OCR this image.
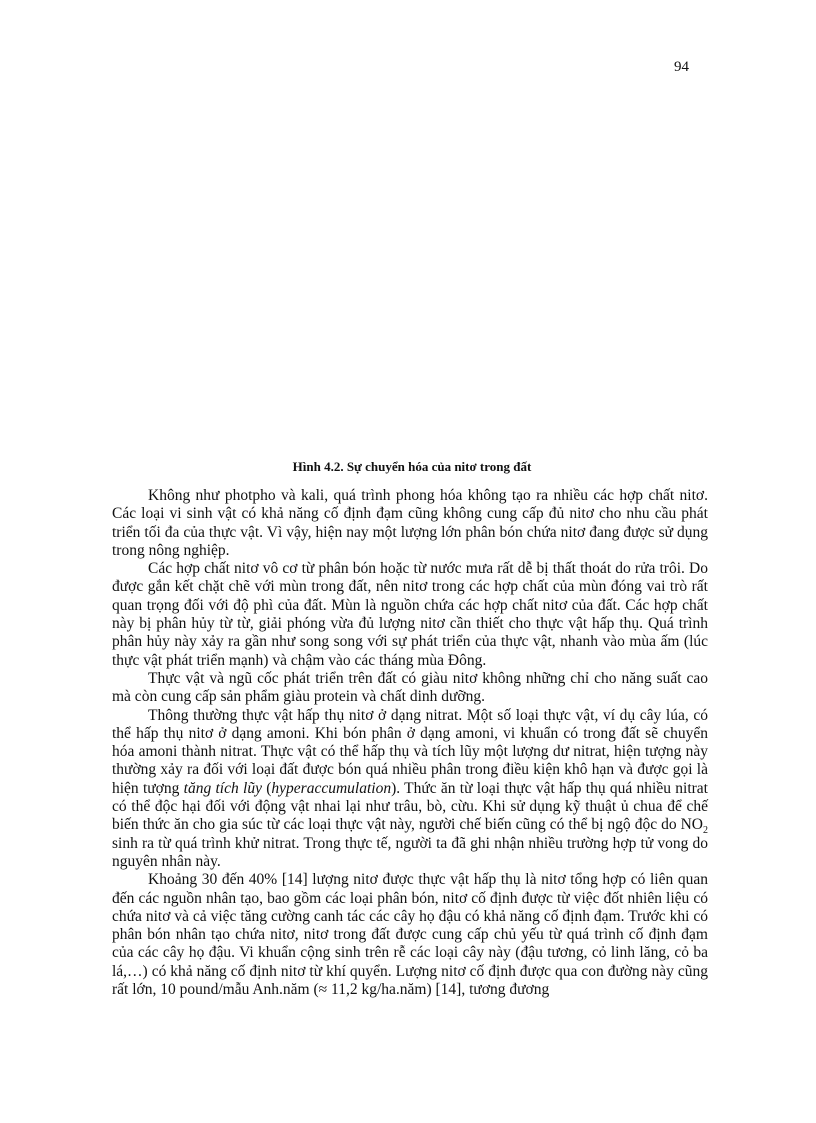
94
Hình 4.2. Sự chuyển hóa của nitơ trong đất

Không như photpho và kali, quá trình phong hóa không tạo ra nhiều các hợp chất nitơ. Các loại vi sinh vật có khả năng cố định đạm cũng không cung cấp đủ nitơ cho nhu cầu phát triển tối đa của thực vật. Vì vậy, hiện nay một lượng lớn phân bón chứa nitơ đang được sử dụng trong nông nghiệp.

Các hợp chất nitơ vô cơ từ phân bón hoặc từ nước mưa rất dễ bị thất thoát do rửa trôi. Do được gắn kết chặt chẽ với mùn trong đất, nên nitơ trong các hợp chất của mùn đóng vai trò rất quan trọng đối với độ phì của đất. Mùn là nguồn chứa các hợp chất nitơ của đất. Các hợp chất này bị phân hủy từ từ, giải phóng vừa đủ lượng nitơ cần thiết cho thực vật hấp thụ. Quá trình phân hủy này xảy ra gần như song song với sự phát triển của thực vật, nhanh vào mùa ấm (lúc thực vật phát triển mạnh) và chậm vào các tháng mùa Đông.

Thực vật và ngũ cốc phát triển trên đất có giàu nitơ không những chỉ cho năng suất cao mà còn cung cấp sản phẩm giàu protein và chất dinh dưỡng.

Thông thường thực vật hấp thụ nitơ ở dạng nitrat. Một số loại thực vật, ví dụ cây lúa, có thể hấp thụ nitơ ở dạng amoni. Khi bón phân ở dạng amoni, vi khuẩn có trong đất sẽ chuyển hóa amoni thành nitrat. Thực vật có thể hấp thụ và tích lũy một lượng dư nitrat, hiện tượng này thường xảy ra đối với loại đất được bón quá nhiều phân trong điều kiện khô hạn và được gọi là hiện tượng tăng tích lũy (hyperaccumulation). Thức ăn từ loại thực vật hấp thụ quá nhiều nitrat có thể độc hại đối với động vật nhai lại như trâu, bò, cừu. Khi sử dụng kỹ thuật ủ chua để chế biến thức ăn cho gia súc từ các loại thực vật này, người chế biến cũng có thể bị ngộ độc do $NO_2$ sinh ra từ quá trình khử nitrat. Trong thực tế, người ta đã ghi nhận nhiều trường hợp tử vong do nguyên nhân này.

Khoảng 30 đến 40% [14] lượng nitơ được thực vật hấp thụ là nitơ tổng hợp có liên quan đến các nguồn nhân tạo, bao gồm các loại phân bón, nitơ cố định được từ việc đốt nhiên liệu có chứa nitơ và cả việc tăng cường canh tác các cây họ đậu có khả năng cố định đạm. Trước khi có phân bón nhân tạo chứa nitơ, nitơ trong đất được cung cấp chủ yếu từ quá trình cố định đạm của các cây họ đậu. Vi khuẩn cộng sinh trên rễ các loại cây này (đậu tương, cỏ linh lăng, cỏ ba lá,…) có khả năng cố định nitơ từ khí quyển. Lượng nitơ cố định được qua con đường này cũng rất lớn, 10 pound/mẫu Anh.năm (≈ 11,2 kg/ha.năm) [14], tương đương
